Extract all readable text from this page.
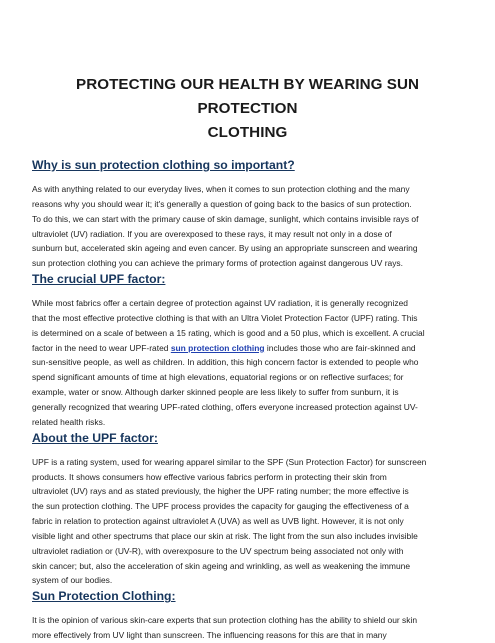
PROTECTING OUR HEALTH BY WEARING SUN PROTECTION
CLOTHING
Why is sun protection clothing so important?

As with anything related to our everyday lives, when it comes to sun protection clothing and the many
reasons why you should wear it; it's generally a question of going back to the basics of sun protection.
To do this, we can start with the primary cause of skin damage, sunlight, which contains invisible rays of
ultraviolet (UV) radiation. If you are overexposed to these rays, it may result not only in a dose of
sunburn but, accelerated skin ageing and even cancer. By using an appropriate sunscreen and wearing
sun protection clothing you can achieve the primary forms of protection against dangerous UV rays.

The crucial UPF factor:

While most fabrics offer a certain degree of protection against UV radiation, it is generally recognized
that the most effective protective clothing is that with an Ultra Violet Protection Factor (UPF) rating. This
is determined on a scale of between a 15 rating, which is good and a 50 plus, which is excellent. A crucial
factor in the need to wear UPF-rated sun protection clothing includes those who are fair-skinned and
sun-sensitive people, as well as children. In addition, this high concern factor is extended to people who
spend significant amounts of time at high elevations, equatorial regions or on reflective surfaces; for
example, water or snow. Although darker skinned people are less likely to suffer from sunburn, it is
generally recognized that wearing UPF-rated clothing, offers everyone increased protection against UV-
related health risks.

About the UPF factor:

UPF is a rating system, used for wearing apparel similar to the SPF (Sun Protection Factor) for sunscreen
products. It shows consumers how effective various fabrics perform in protecting their skin from
ultraviolet (UV) rays and as stated previously, the higher the UPF rating number; the more effective is
the sun protection clothing. The UPF process provides the capacity for gauging the effectiveness of a
fabric in relation to protection against ultraviolet A (UVA) as well as UVB light. However, it is not only
visible light and other spectrums that place our skin at risk. The light from the sun also includes invisible
ultraviolet radiation or (UV-R), with overexposure to the UV spectrum being associated not only with
skin cancer; but, also the acceleration of skin ageing and wrinkling, as well as weakening the immune
system of our bodies.

Sun Protection Clothing:

It is the opinion of various skin-care experts that sun protection clothing has the ability to shield our skin
more effectively from UV light than sunscreen. The influencing reasons for this are that in many
